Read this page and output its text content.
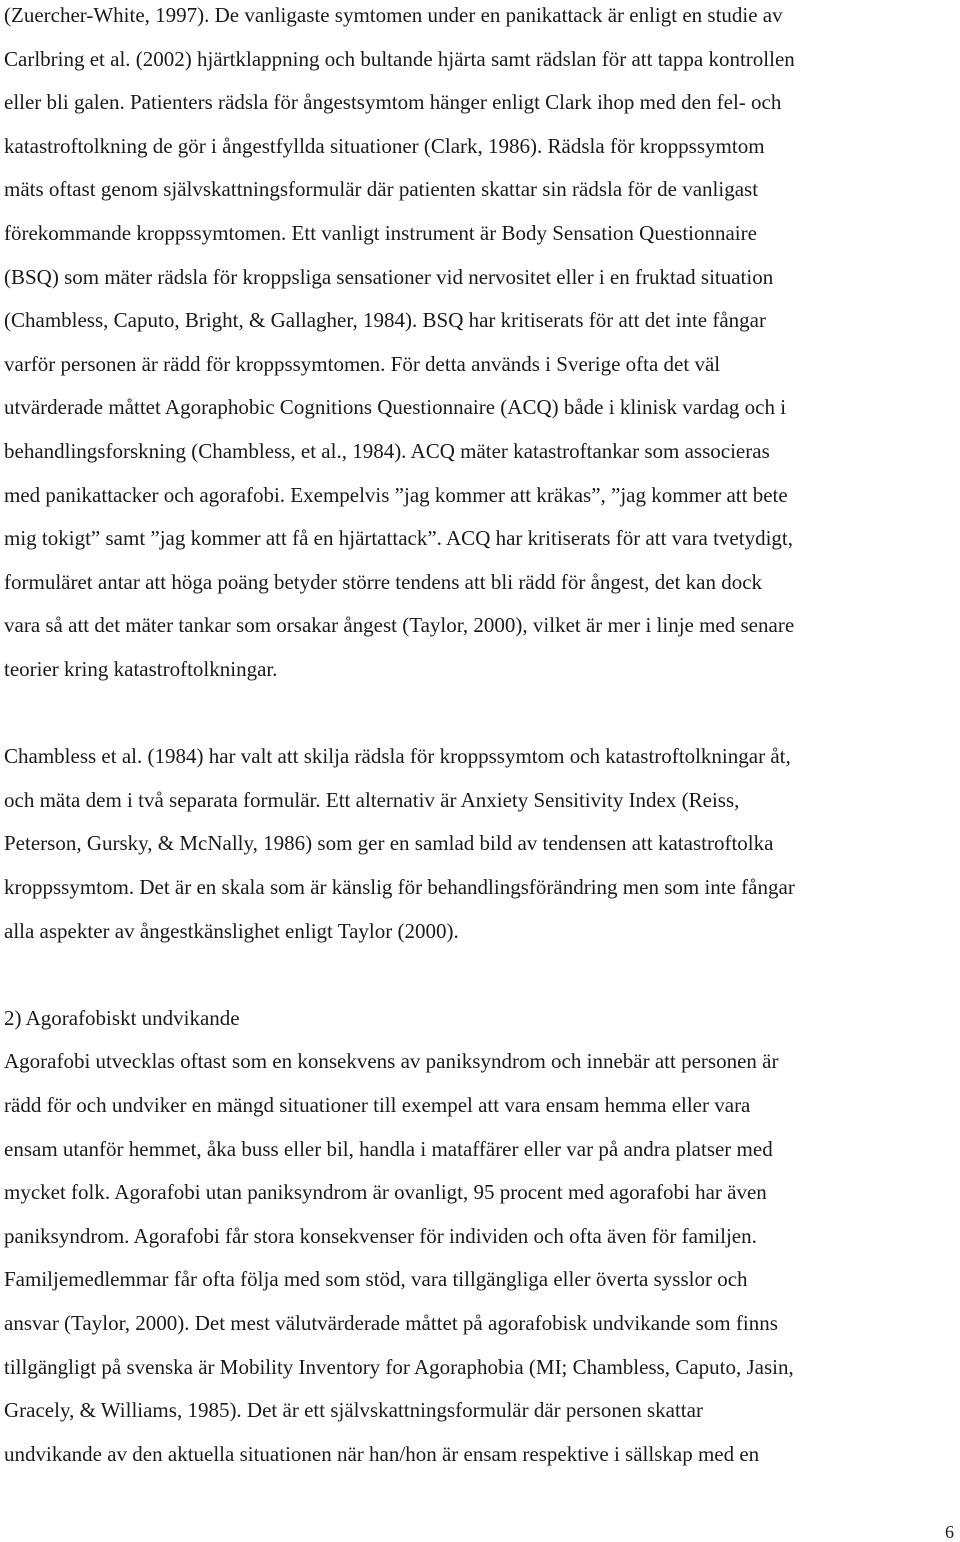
(Zuercher-White, 1997). De vanligaste symtomen under en panikattack är enligt en studie av
Carlbring et al. (2002) hjärtklappning och bultande hjärta samt rädslan för att tappa kontrollen
eller bli galen. Patienters rädsla för ångestsymtom hänger enligt Clark ihop med den fel- och
katastroftolkning de gör i ångestfyllda situationer (Clark, 1986). Rädsla för kroppssymtom
mäts oftast genom självskattningsformulär där patienten skattar sin rädsla för de vanligast
förekommande kroppssymtomen. Ett vanligt instrument är Body Sensation Questionnaire
(BSQ) som mäter rädsla för kroppsliga sensationer vid nervositet eller i en fruktad situation
(Chambless, Caputo, Bright, & Gallagher, 1984). BSQ har kritiserats för att det inte fångar
varför personen är rädd för kroppssymtomen. För detta används i Sverige ofta det väl
utvärderade måttet Agoraphobic Cognitions Questionnaire (ACQ) både i klinisk vardag och i
behandlingsforskning (Chambless, et al., 1984). ACQ mäter katastroftankar som associeras
med panikattacker och agorafobi. Exempelvis ”jag kommer att kräkas”, ”jag kommer att bete
mig tokigt” samt ”jag kommer att få en hjärtattack”. ACQ har kritiserats för att vara tvetydigt,
formuläret antar att höga poäng betyder större tendens att bli rädd för ångest, det kan dock
vara så att det mäter tankar som orsakar ångest (Taylor, 2000), vilket är mer i linje med senare
teorier kring katastroftolkningar.
Chambless et al. (1984) har valt att skilja rädsla för kroppssymtom och katastroftolkningar åt,
och mäta dem i två separata formulär. Ett alternativ är Anxiety Sensitivity Index (Reiss,
Peterson, Gursky, & McNally, 1986) som ger en samlad bild av tendensen att katastroftolka
kroppssymtom. Det är en skala som är känslig för behandlingsförändring men som inte fångar
alla aspekter av ångestkänslighet enligt Taylor (2000).
2) Agorafobiskt undvikande
Agorafobi utvecklas oftast som en konsekvens av paniksyndrom och innebär att personen är
rädd för och undviker en mängd situationer till exempel att vara ensam hemma eller vara
ensam utanför hemmet, åka buss eller bil, handla i mataffärer eller var på andra platser med
mycket folk. Agorafobi utan paniksyndrom är ovanligt, 95 procent med agorafobi har även
paniksyndrom. Agorafobi får stora konsekvenser för individen och ofta även för familjen.
Familjemedlemmar får ofta följa med som stöd, vara tillgängliga eller överta sysslor och
ansvar (Taylor, 2000). Det mest välutvärderade måttet på agorafobisk undvikande som finns
tillgängligt på svenska är Mobility Inventory for Agoraphobia (MI; Chambless, Caputo, Jasin,
Gracely, & Williams, 1985). Det är ett självskattningsformulär där personen skattar
undvikande av den aktuella situationen när han/hon är ensam respektive i sällskap med en
6
